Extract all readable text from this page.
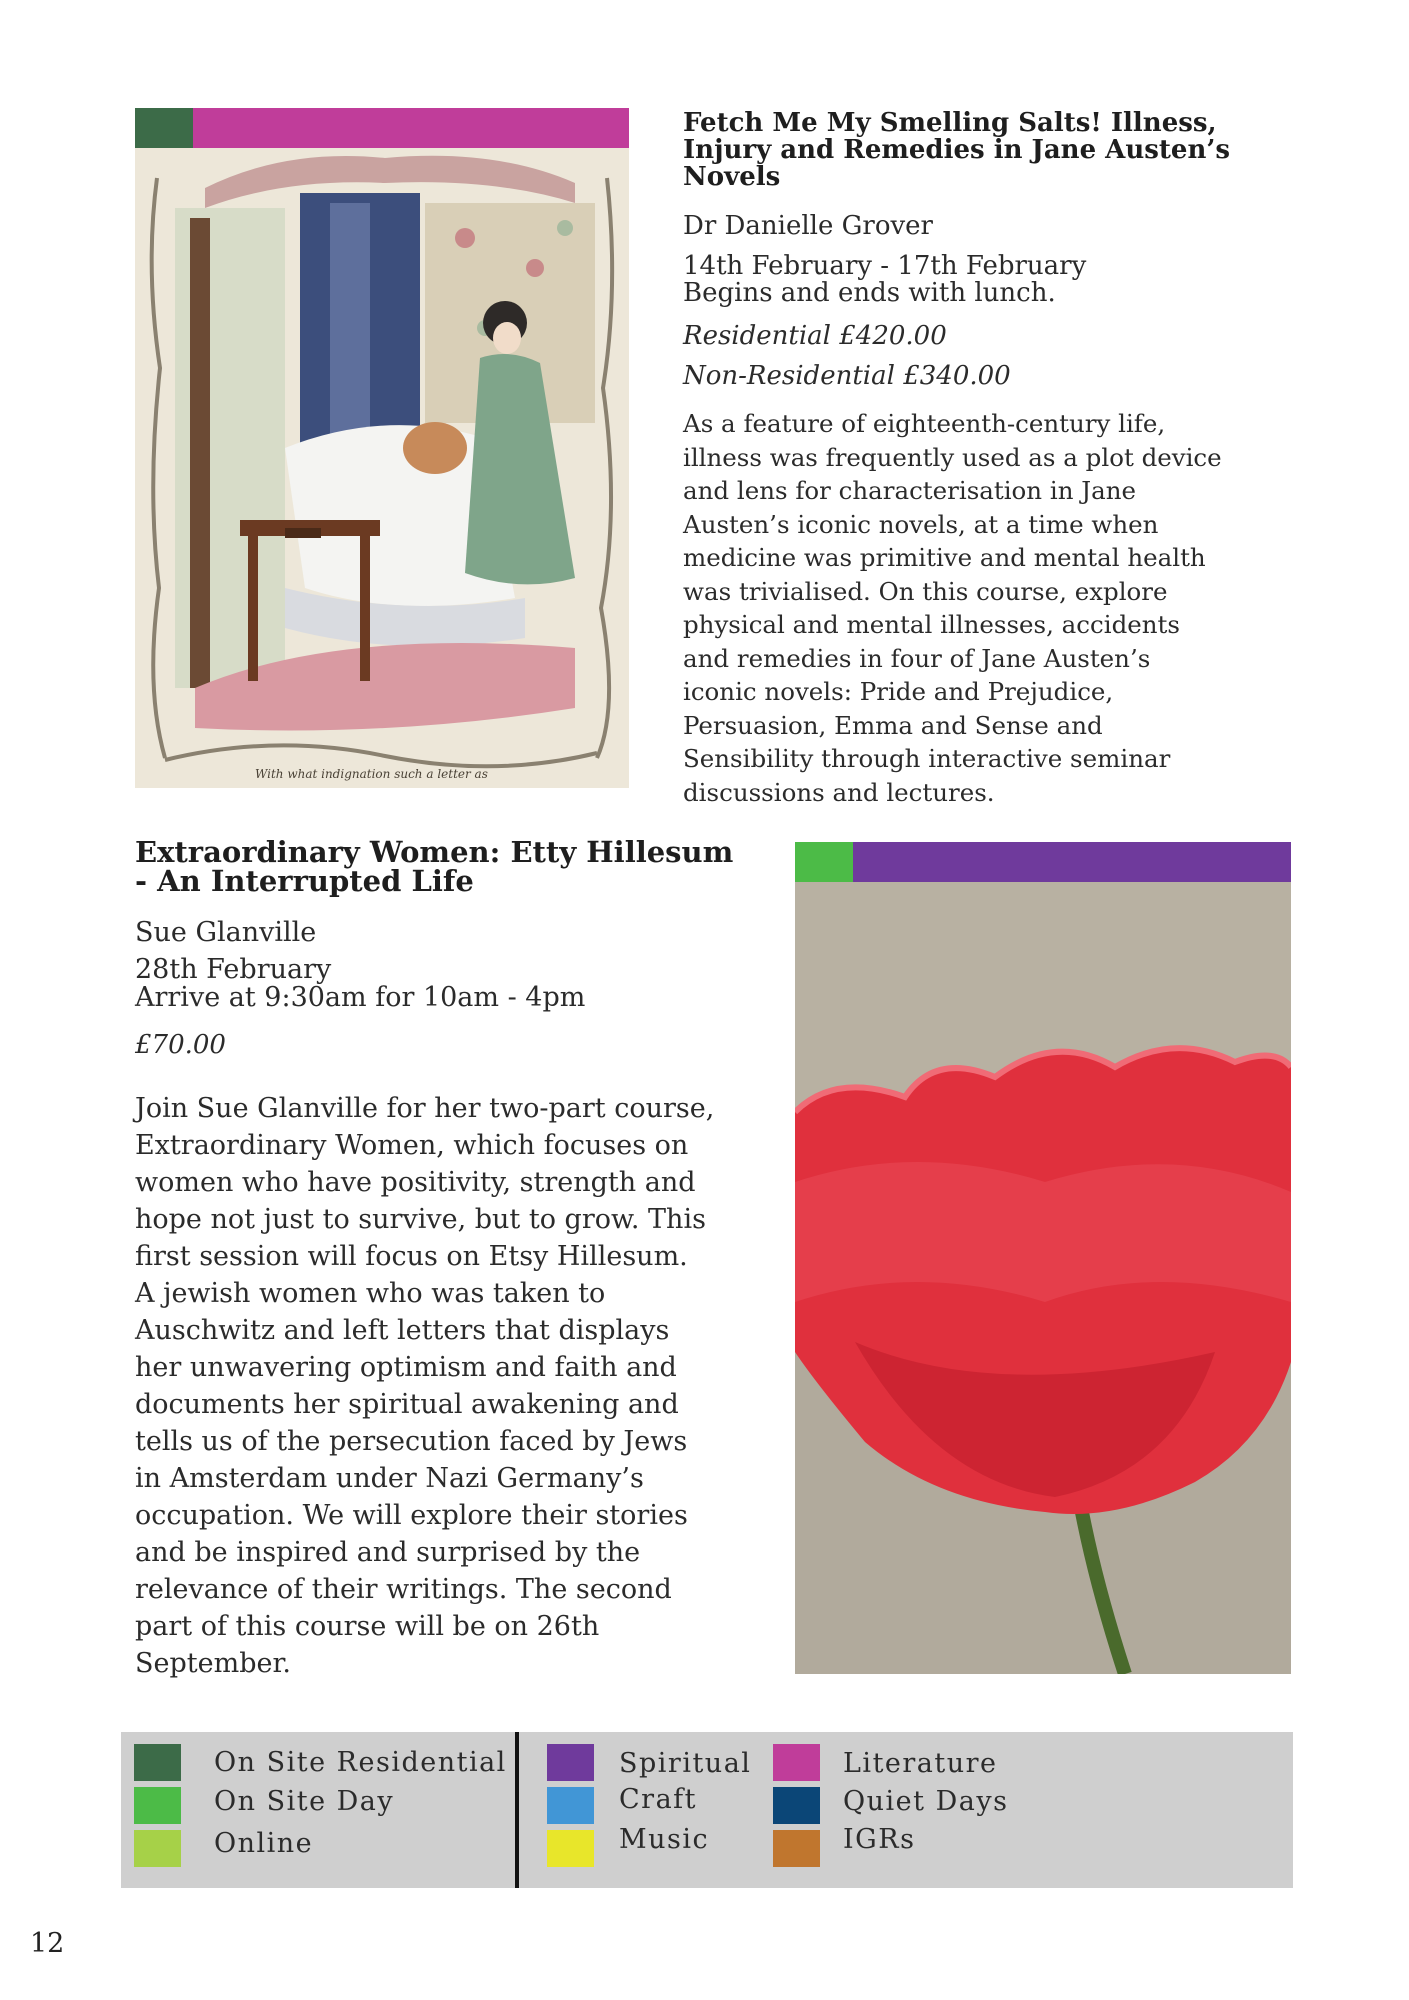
With what indignation such a letter as
Fetch Me My Smelling Salts! Illness, Injury and Remedies in Jane Austen’s Novels

Dr Danielle Grover

14th February - 17th February

Begins and ends with lunch.

Residential £420.00

Non-Residential £340.00

As a feature of eighteenth-century life, illness was frequently used as a plot device and lens for characterisation in Jane Austen’s iconic novels, at a time when medicine was primitive and mental health was trivialised. On this course, explore physical and mental illnesses, accidents and remedies in four of Jane Austen’s iconic novels: Pride and Prejudice, Persuasion, Emma and Sense and Sensibility through interactive seminar discussions and lectures.

Extraordinary Women: Etty Hillesum - An Interrupted Life

Sue Glanville

28th February

Arrive at 9:30am for 10am - 4pm

£70.00

Join Sue Glanville for her two-part course, Extraordinary Women, which focuses on women who have positivity, strength and hope not just to survive, but to grow. This first session will focus on Etsy Hillesum. A jewish women who was taken to Auschwitz and left letters that displays her unwavering optimism and faith and documents her spiritual awakening and tells us of the persecution faced by Jews in Amsterdam under Nazi Germany’s occupation. We will explore their stories and be inspired and surprised by the relevance of their writings. The second part of this course will be on 26th September.

On Site Residential
On Site Day
Online
Spiritual
Craft
Music
Literature
Quiet Days
IGRs
12
